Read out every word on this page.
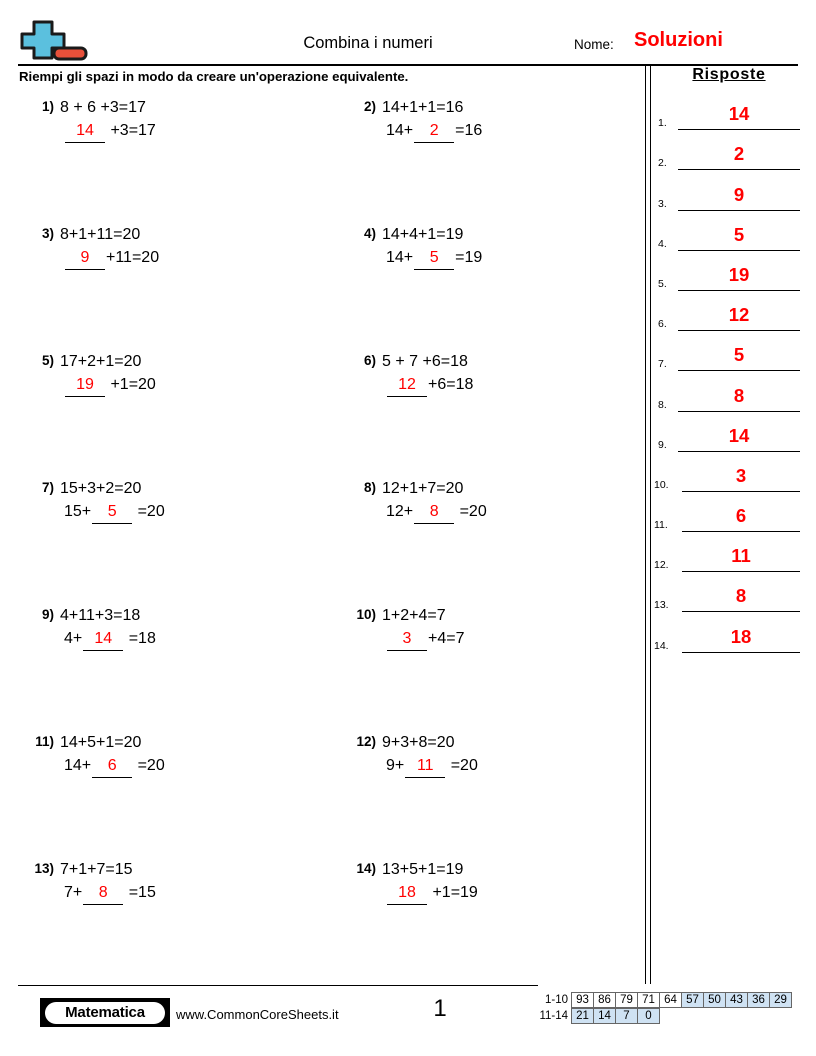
Combina i numeri	Nome: Soluzioni
Riempi gli spazi in modo da creare un'operazione equivalente.
1) 8 + 6 +3=17
14 +3=17
2) 14+1+1=16
14+ 2 =16
3) 8+1+11=20
9 +11=20
4) 14+4+1=19
14+ 5 =19
5) 17+2+1=20
19 +1=20
6) 5 + 7 +6=18
12 +6=18
7) 15+3+2=20
15+ 5 =20
8) 12+1+7=20
12+ 8 =20
9) 4+11+3=18
4+ 14 =18
10) 1+2+4=7
3 +4=7
11) 14+5+1=20
14+ 6 =20
12) 9+3+8=20
9+ 11 =20
13) 7+1+7=15
7+ 8 =15
14) 13+5+1=19
18 +1=19
Risposte
1.	14
2.	2
3.	9
4.	5
5.	19
6.	12
7.	5
8.	8
9.	14
10.	3
11.	6
12.	11
13.	8
14.	18
Matematica	www.CommonCoreSheets.it	1	1-10 93 86 79 71 64 57 50 43 36 29
11-14 21 14	7	0
